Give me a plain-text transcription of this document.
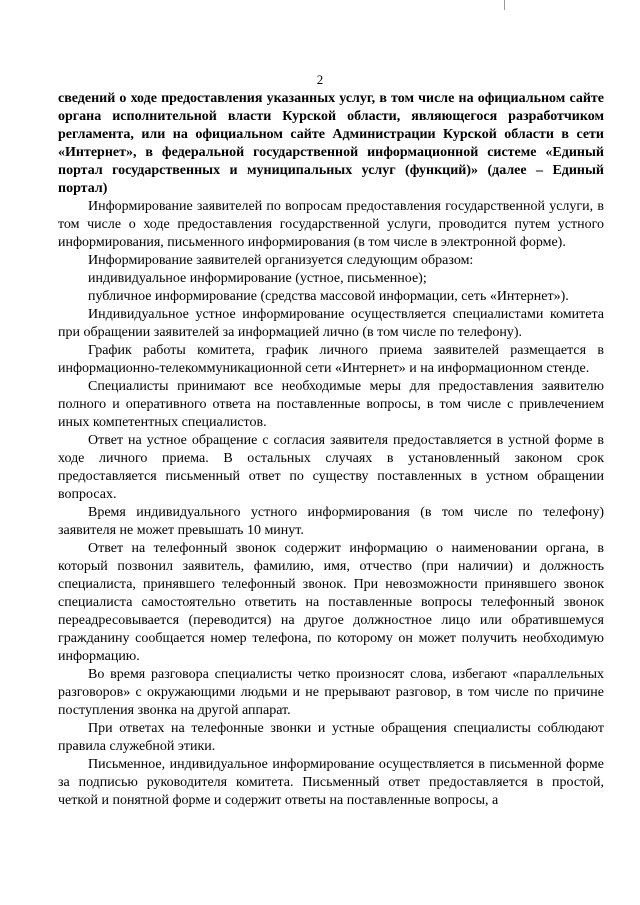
2

сведений о ходе предоставления указанных услуг, в том числе на официальном сайте органа исполнительной власти Курской области, являющегося разработчиком регламента, или на официальном сайте Администрации Курской области в сети «Интернет», в федеральной государственной информационной системе «Единый портал государственных и муниципальных услуг (функций)» (далее – Единый портал)

Информирование заявителей по вопросам предоставления государственной услуги, в том числе о ходе предоставления государственной услуги, проводится путем устного информирования, письменного информирования (в том числе в электронной форме).

Информирование заявителей организуется следующим образом:

индивидуальное информирование (устное, письменное);

публичное информирование (средства массовой информации, сеть «Интернет»).

Индивидуальное устное информирование осуществляется специалистами комитета при обращении заявителей за информацией лично (в том числе по телефону).

График работы комитета, график личного приема заявителей размещается в информационно-телекоммуникационной сети «Интернет» и на информационном стенде.

Специалисты принимают все необходимые меры для предоставления заявителю полного и оперативного ответа на поставленные вопросы, в том числе с привлечением иных компетентных специалистов.

Ответ на устное обращение с согласия заявителя предоставляется в устной форме в ходе личного приема. В остальных случаях в установленный законом срок предоставляется письменный ответ по существу поставленных в устном обращении вопросах.

Время индивидуального устного информирования (в том числе по телефону) заявителя не может превышать 10 минут.

Ответ на телефонный звонок содержит информацию о наименовании органа, в который позвонил заявитель, фамилию, имя, отчество (при наличии) и должность специалиста, принявшего телефонный звонок. При невозможности принявшего звонок специалиста самостоятельно ответить на поставленные вопросы телефонный звонок переадресовывается (переводится) на другое должностное лицо или обратившемуся гражданину сообщается номер телефона, по которому он может получить необходимую информацию.

Во время разговора специалисты четко произносят слова, избегают «параллельных разговоров» с окружающими людьми и не прерывают разговор, в том числе по причине поступления звонка на другой аппарат.

При ответах на телефонные звонки и устные обращения специалисты соблюдают правила служебной этики.

Письменное, индивидуальное информирование осуществляется в письменной форме за подписью руководителя комитета. Письменный ответ предоставляется в простой, четкой и понятной форме и содержит ответы на поставленные вопросы, а
